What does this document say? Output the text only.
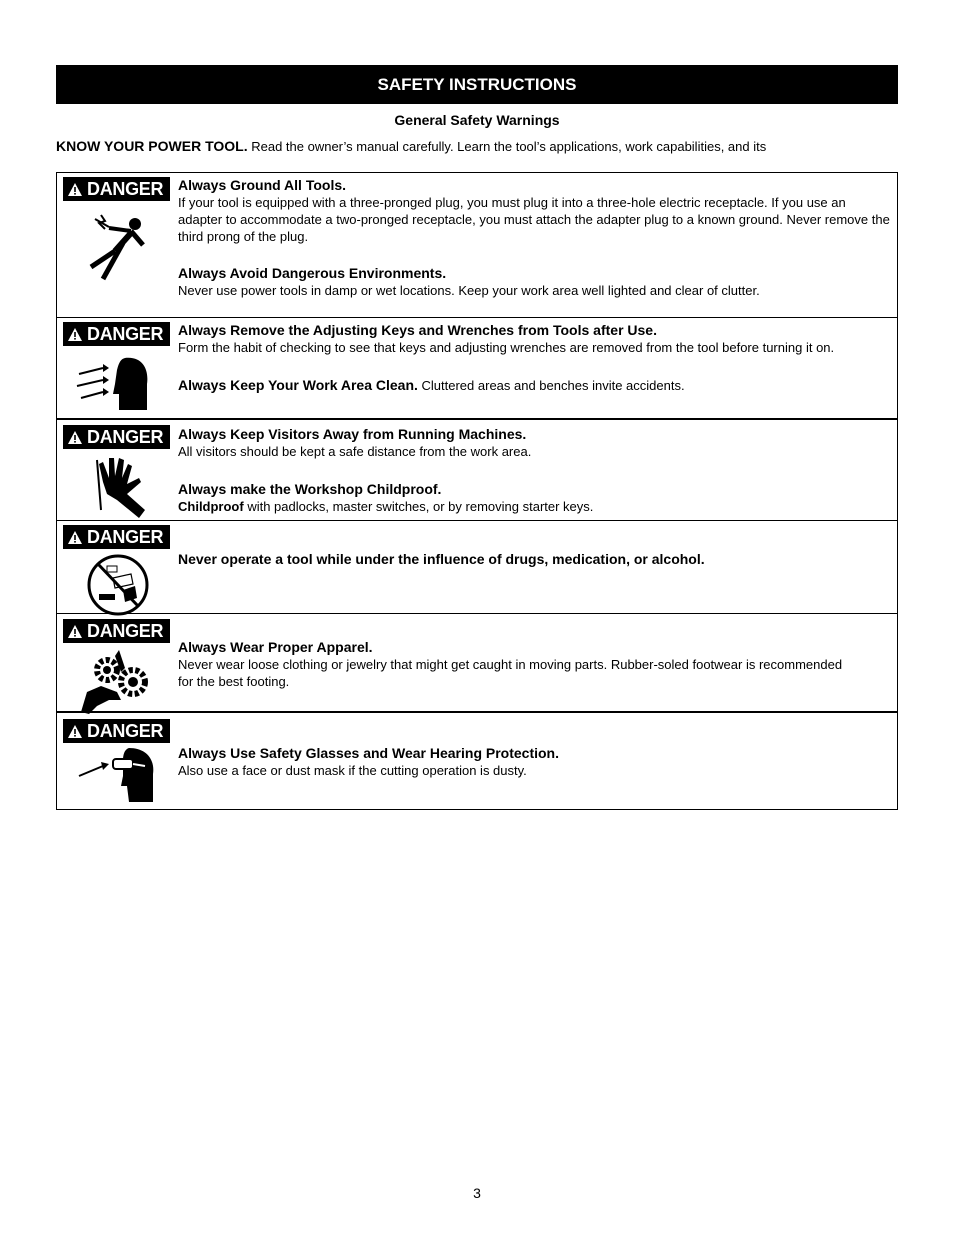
SAFETY INSTRUCTIONS
General Safety Warnings
KNOW YOUR POWER TOOL. Read the owner’s manual carefully. Learn the tool’s applications, work capabilities, and its
DANGER Always Ground All Tools.
If your tool is equipped with a three-pronged plug, you must plug it into a three-hole electric receptacle. If you use an adapter to accommodate a two-pronged receptacle, you must attach the adapter plug to a known ground. Never remove the third prong of the plug.
Always Avoid Dangerous Environments.
Never use power tools in damp or wet locations. Keep your work area well lighted and clear of clutter.
DANGER Always Remove the Adjusting Keys and Wrenches from Tools after Use.
Form the habit of checking to see that keys and adjusting wrenches are removed from the tool before turning it on.
Always Keep Your Work Area Clean. Cluttered areas and benches invite accidents.
DANGER Always Keep Visitors Away from Running Machines.
All visitors should be kept a safe distance from the work area.
Always make the Workshop Childproof.
Childproof with padlocks, master switches, or by removing starter keys.
DANGER
Never operate a tool while under the influence of drugs, medication, or alcohol.
DANGER
Always Wear Proper Apparel.
Never wear loose clothing or jewelry that might get caught in moving parts. Rubber-soled footwear is recommended for the best footing.
DANGER
Always Use Safety Glasses and Wear Hearing Protection.
Also use a face or dust mask if the cutting operation is dusty.
3
